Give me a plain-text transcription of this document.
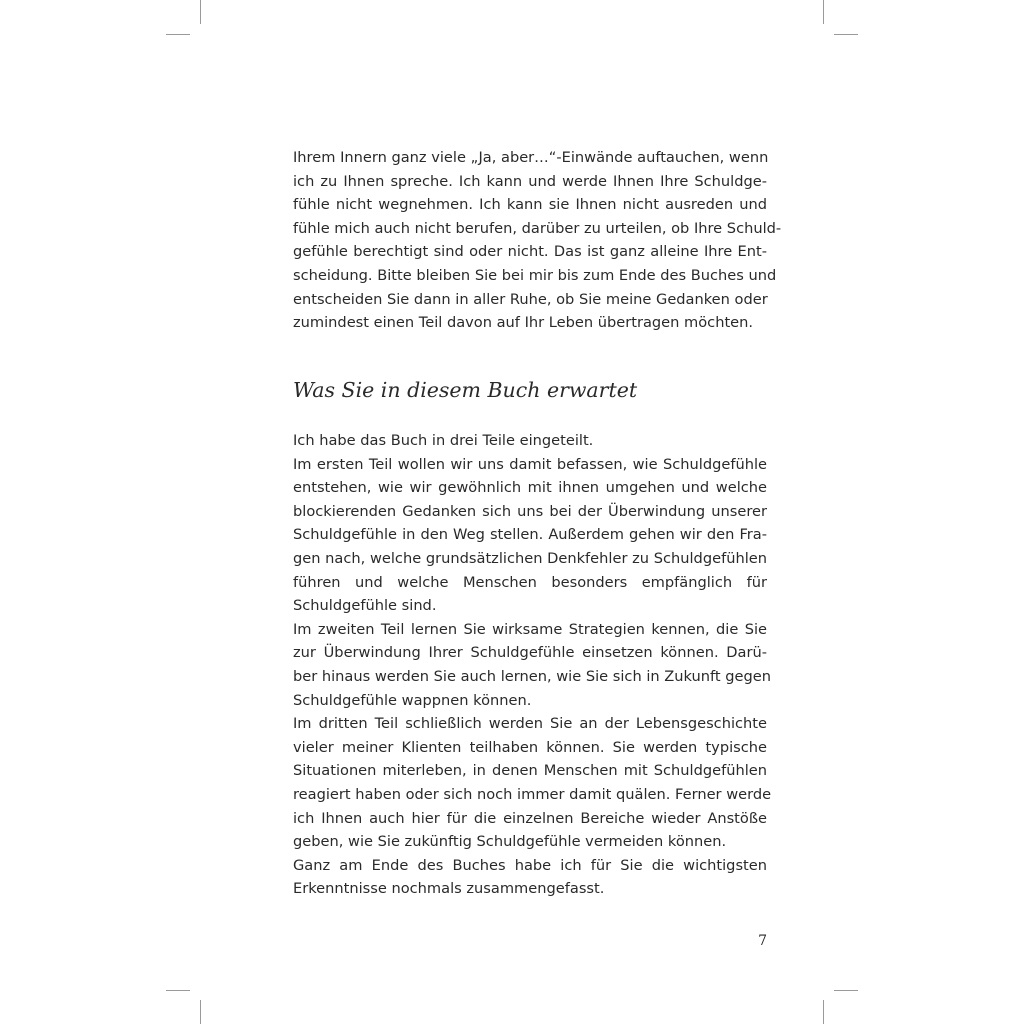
Ihrem Innern ganz viele „Ja, aber…“-Einwände auftauchen, wenn
ich zu Ihnen spreche. Ich kann und werde Ihnen Ihre Schuldge-
fühle nicht wegnehmen. Ich kann sie Ihnen nicht ausreden und
fühle mich auch nicht berufen, darüber zu urteilen, ob Ihre Schuld-
gefühle berechtigt sind oder nicht. Das ist ganz alleine Ihre Ent-
scheidung. Bitte bleiben Sie bei mir bis zum Ende des Buches und
entscheiden Sie dann in aller Ruhe, ob Sie meine Gedanken oder
zumindest einen Teil davon auf Ihr Leben übertragen möchten.
Was Sie in diesem Buch erwartet
Ich habe das Buch in drei Teile eingeteilt.
Im ersten Teil wollen wir uns damit befassen, wie Schuldgefühle
entstehen, wie wir gewöhnlich mit ihnen umgehen und welche
blockierenden Gedanken sich uns bei der Überwindung unserer
Schuldgefühle in den Weg stellen. Außerdem gehen wir den Fra-
gen nach, welche grundsätzlichen Denkfehler zu Schuldgefühlen
führen und welche Menschen besonders empfänglich für
Schuldgefühle sind.
Im zweiten Teil lernen Sie wirksame Strategien kennen, die Sie
zur Überwindung Ihrer Schuldgefühle einsetzen können. Darü-
ber hinaus werden Sie auch lernen, wie Sie sich in Zukunft gegen
Schuldgefühle wappnen können.
Im dritten Teil schließlich werden Sie an der Lebensgeschichte
vieler meiner Klienten teilhaben können. Sie werden typische
Situationen miterleben, in denen Menschen mit Schuldgefühlen
reagiert haben oder sich noch immer damit quälen. Ferner werde
ich Ihnen auch hier für die einzelnen Bereiche wieder Anstöße
geben, wie Sie zukünftig Schuldgefühle vermeiden können.
Ganz am Ende des Buches habe ich für Sie die wichtigsten
Erkenntnisse nochmals zusammengefasst.
7
